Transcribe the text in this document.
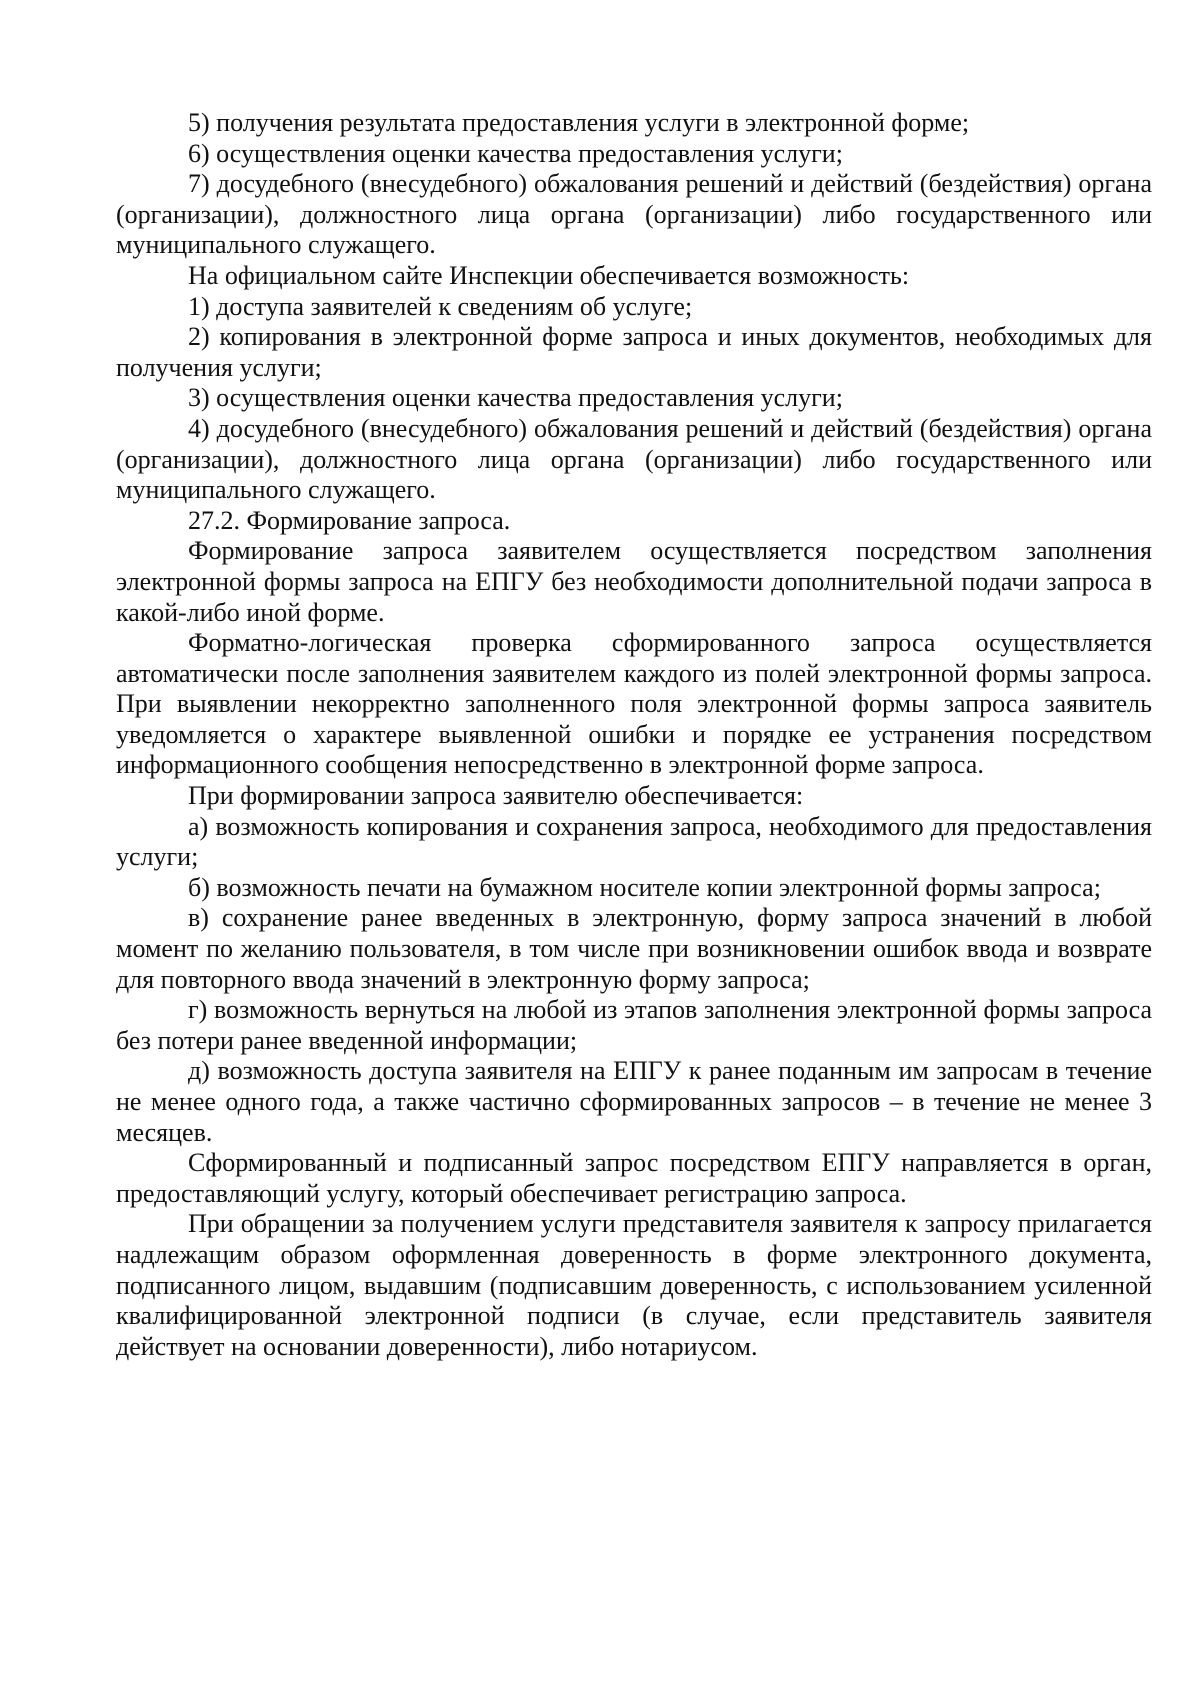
5) получения результата предоставления услуги в электронной форме;

6) осуществления оценки качества предоставления услуги;

7) досудебного (внесудебного) обжалования решений и действий (бездействия) органа (организации), должностного лица органа (организации) либо государственного или муниципального служащего.

На официальном сайте Инспекции обеспечивается возможность:

1) доступа заявителей к сведениям об услуге;

2) копирования в электронной форме запроса и иных документов, необходимых для получения услуги;

3) осуществления оценки качества предоставления услуги;

4) досудебного (внесудебного) обжалования решений и действий (бездействия) органа (организации), должностного лица органа (организации) либо государственного или муниципального служащего.

27.2. Формирование запроса.

Формирование запроса заявителем осуществляется посредством заполнения электронной формы запроса на ЕПГУ без необходимости дополнительной подачи запроса в какой-либо иной форме.

Форматно-логическая проверка сформированного запроса осуществляется автоматически после заполнения заявителем каждого из полей электронной формы запроса. При выявлении некорректно заполненного поля электронной формы запроса заявитель уведомляется о характере выявленной ошибки и порядке ее устранения посредством информационного сообщения непосредственно в электронной форме запроса.

При формировании запроса заявителю обеспечивается:

а) возможность копирования и сохранения запроса, необходимого для предоставления услуги;

б) возможность печати на бумажном носителе копии электронной формы запроса;

в) сохранение ранее введенных в электронную, форму запроса значений в любой момент по желанию пользователя, в том числе при возникновении ошибок ввода и возврате для повторного ввода значений в электронную форму запроса;

г) возможность вернуться на любой из этапов заполнения электронной формы запроса без потери ранее введенной информации;

д) возможность доступа заявителя на ЕПГУ к ранее поданным им запросам в течение не менее одного года, а также частично сформированных запросов – в течение не менее 3 месяцев.

Сформированный и подписанный запрос посредством ЕПГУ направляется в орган, предоставляющий услугу, который обеспечивает регистрацию запроса.

При обращении за получением услуги представителя заявителя к запросу прилагается надлежащим образом оформленная доверенность в форме электронного документа, подписанного лицом, выдавшим (подписавшим доверенность, с использованием усиленной квалифицированной электронной подписи (в случае, если представитель заявителя действует на основании доверенности), либо нотариусом.
